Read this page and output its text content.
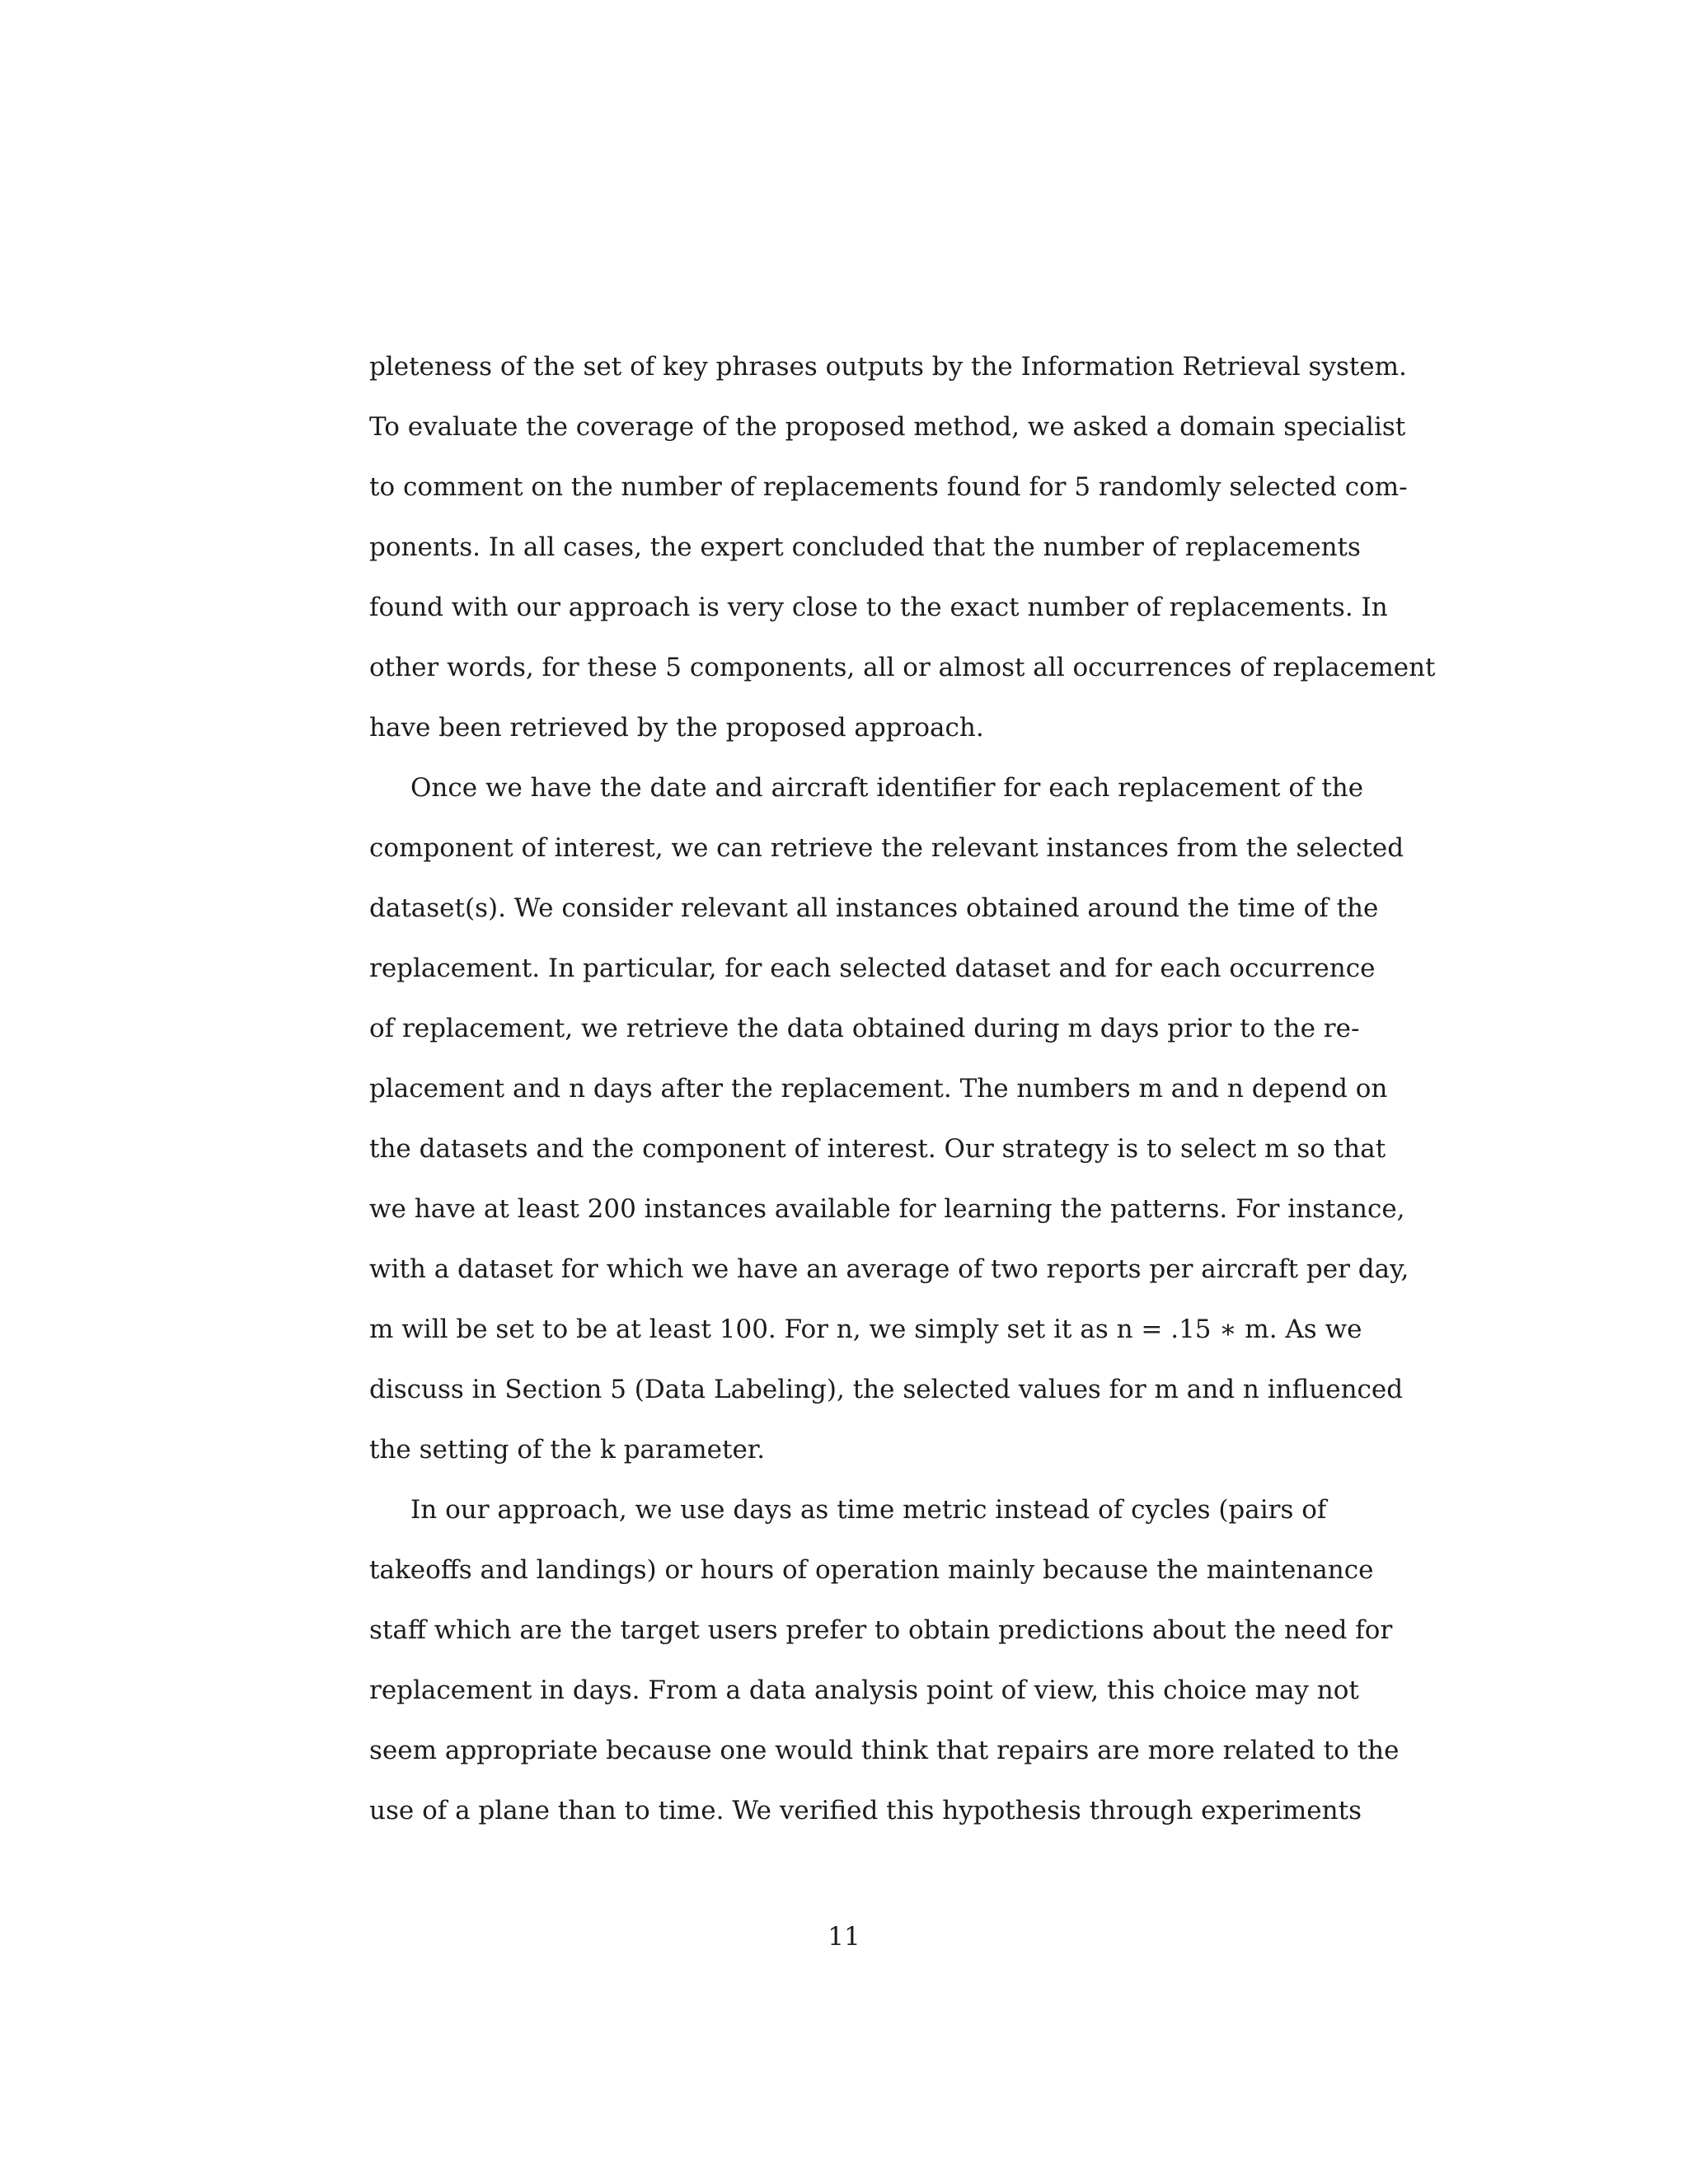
pleteness of the set of key phrases outputs by the Information Retrieval system.
To evaluate the coverage of the proposed method, we asked a domain specialist
to comment on the number of replacements found for 5 randomly selected com-
ponents. In all cases, the expert concluded that the number of replacements
found with our approach is very close to the exact number of replacements. In
other words, for these 5 components, all or almost all occurrences of replacement
have been retrieved by the proposed approach.
Once we have the date and aircraft identifier for each replacement of the
component of interest, we can retrieve the relevant instances from the selected
dataset(s). We consider relevant all instances obtained around the time of the
replacement. In particular, for each selected dataset and for each occurrence
of replacement, we retrieve the data obtained during m days prior to the re-
placement and n days after the replacement. The numbers m and n depend on
the datasets and the component of interest. Our strategy is to select m so that
we have at least 200 instances available for learning the patterns. For instance,
with a dataset for which we have an average of two reports per aircraft per day,
m will be set to be at least 100. For n, we simply set it as n = .15 ∗ m. As we
discuss in Section 5 (Data Labeling), the selected values for m and n influenced
the setting of the k parameter.
In our approach, we use days as time metric instead of cycles (pairs of
takeoffs and landings) or hours of operation mainly because the maintenance
staff which are the target users prefer to obtain predictions about the need for
replacement in days. From a data analysis point of view, this choice may not
seem appropriate because one would think that repairs are more related to the
use of a plane than to time. We verified this hypothesis through experiments
11
